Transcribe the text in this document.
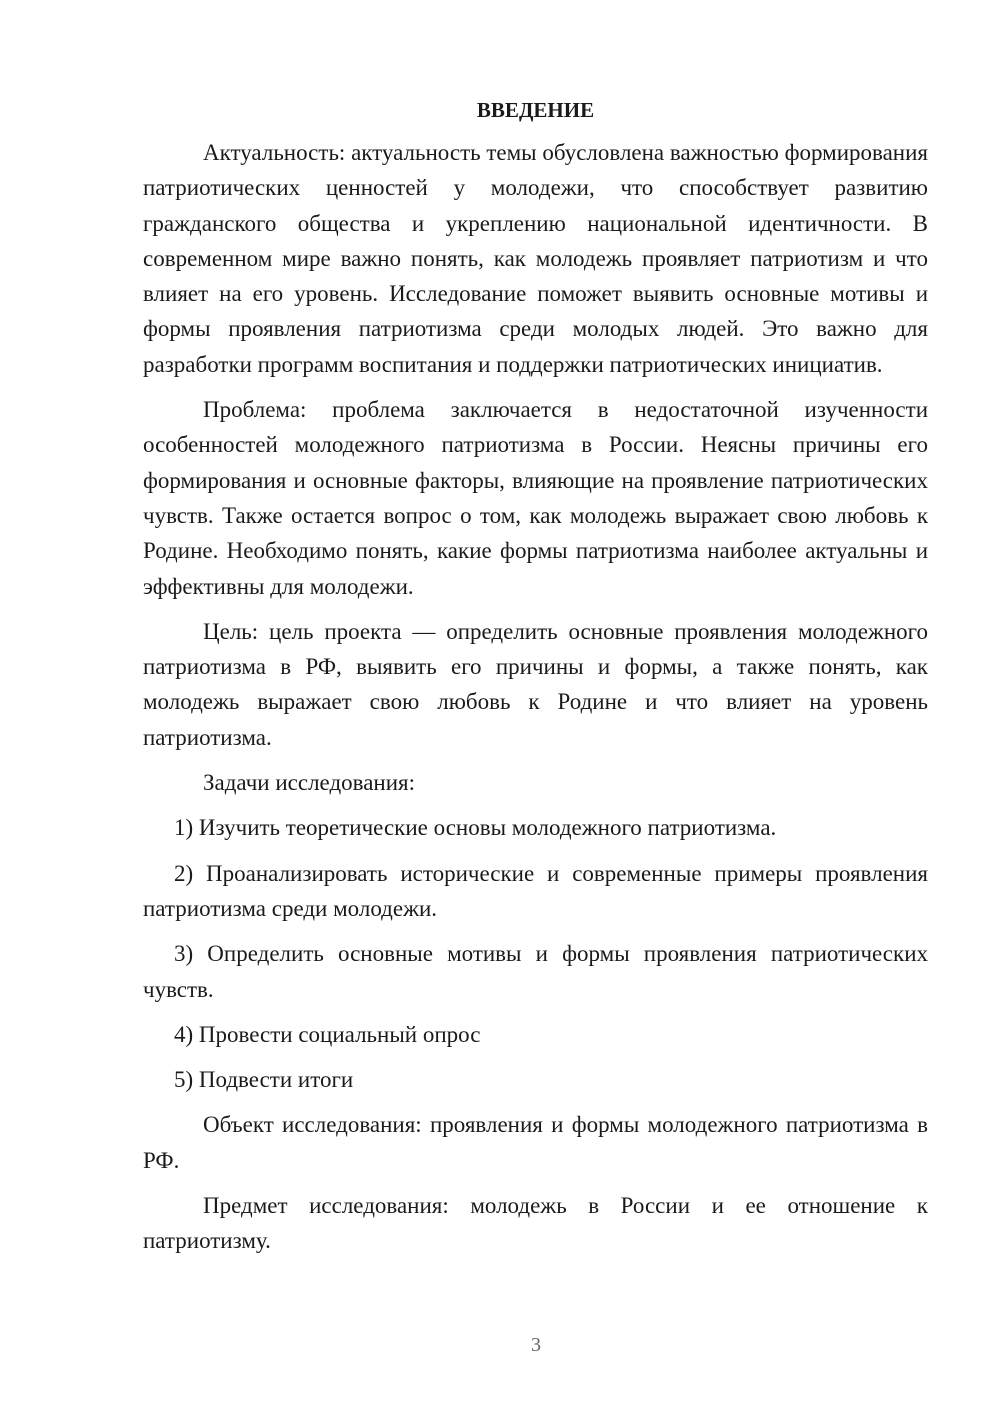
ВВЕДЕНИЕ

Актуальность: актуальность темы обусловлена важностью формирования патриотических ценностей у молодежи, что способствует развитию гражданского общества и укреплению национальной идентичности. В современном мире важно понять, как молодежь проявляет патриотизм и что влияет на его уровень. Исследование поможет выявить основные мотивы и формы проявления патриотизма среди молодых людей. Это важно для разработки программ воспитания и поддержки патриотических инициатив.

Проблема: проблема заключается в недостаточной изученности особенностей молодежного патриотизма в России. Неясны причины его формирования и основные факторы, влияющие на проявление патриотических чувств. Также остается вопрос о том, как молодежь выражает свою любовь к Родине. Необходимо понять, какие формы патриотизма наиболее актуальны и эффективны для молодежи.

Цель: цель проекта — определить основные проявления молодежного патриотизма в РФ, выявить его причины и формы, а также понять, как молодежь выражает свою любовь к Родине и что влияет на уровень патриотизма.

Задачи исследования:

1) Изучить теоретические основы молодежного патриотизма.

2) Проанализировать исторические и современные примеры проявления патриотизма среди молодежи.

3) Определить основные мотивы и формы проявления патриотических чувств.

4) Провести социальный опрос

5) Подвести итоги

Объект исследования: проявления и формы молодежного патриотизма в РФ.

Предмет исследования: молодежь в России и ее отношение к патриотизму.

3
